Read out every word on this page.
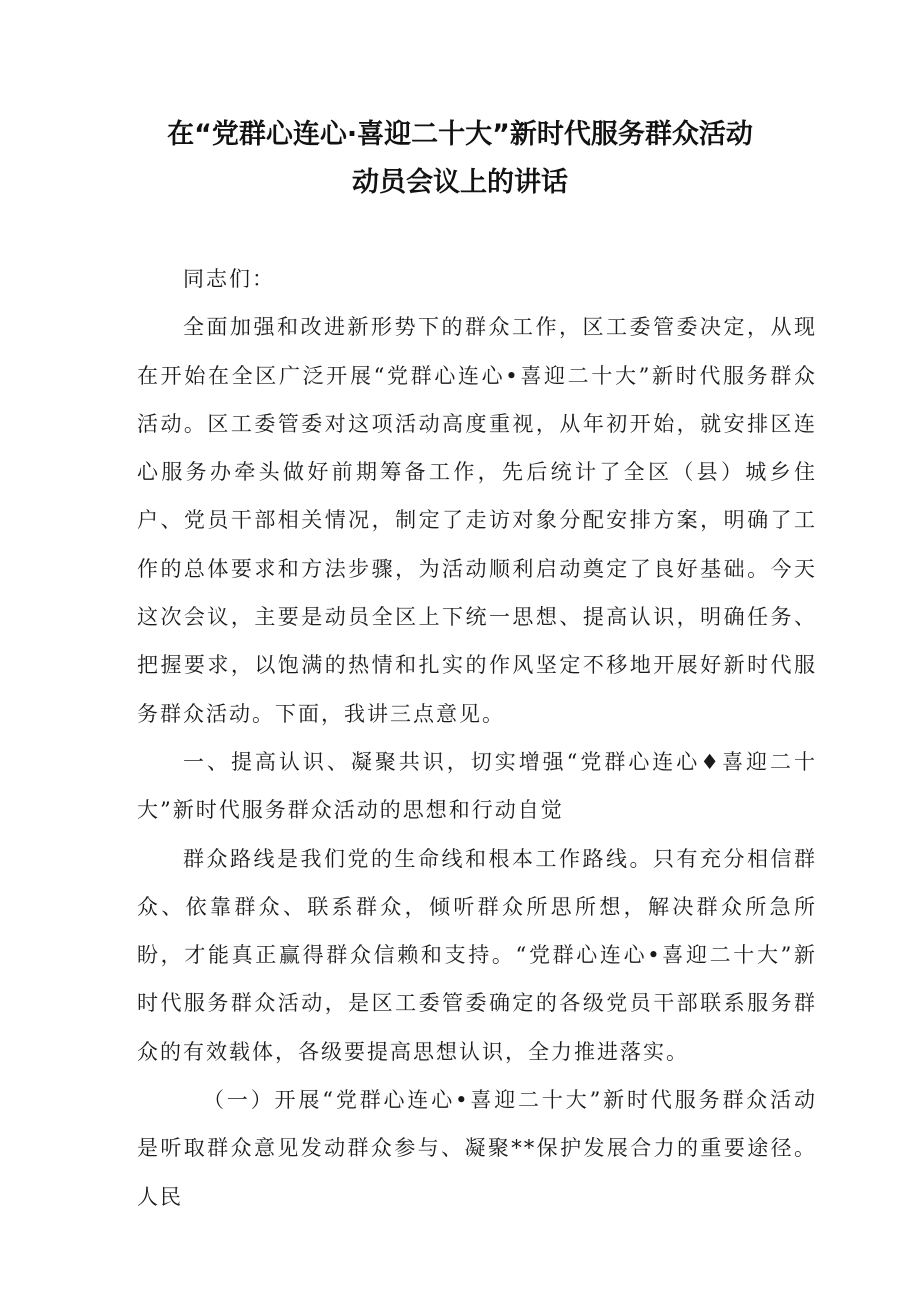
在“党群心连心·喜迎二十大”新时代服务群众活动
动员会议上的讲话

同志们：

全面加强和改进新形势下的群众工作，区工委管委决定，从现在开始在全区广泛开展“党群心连心•喜迎二十大”新时代服务群众活动。区工委管委对这项活动高度重视，从年初开始，就安排区连心服务办牵头做好前期筹备工作，先后统计了全区（县）城乡住户、党员干部相关情况，制定了走访对象分配安排方案，明确了工作的总体要求和方法步骤，为活动顺利启动奠定了良好基础。今天这次会议，主要是动员全区上下统一思想、提高认识，明确任务、把握要求，以饱满的热情和扎实的作风坚定不移地开展好新时代服务群众活动。下面，我讲三点意见。

一、提高认识、凝聚共识，切实增强“党群心连心♦喜迎二十大”新时代服务群众活动的思想和行动自觉

群众路线是我们党的生命线和根本工作路线。只有充分相信群众、依靠群众、联系群众，倾听群众所思所想，解决群众所急所盼，才能真正赢得群众信赖和支持。“党群心连心•喜迎二十大”新时代服务群众活动，是区工委管委确定的各级党员干部联系服务群众的有效载体，各级要提高思想认识，全力推进落实。

（一）开展“党群心连心•喜迎二十大”新时代服务群众活动是听取群众意见发动群众参与、凝聚**保护发展合力的重要途径。人民
